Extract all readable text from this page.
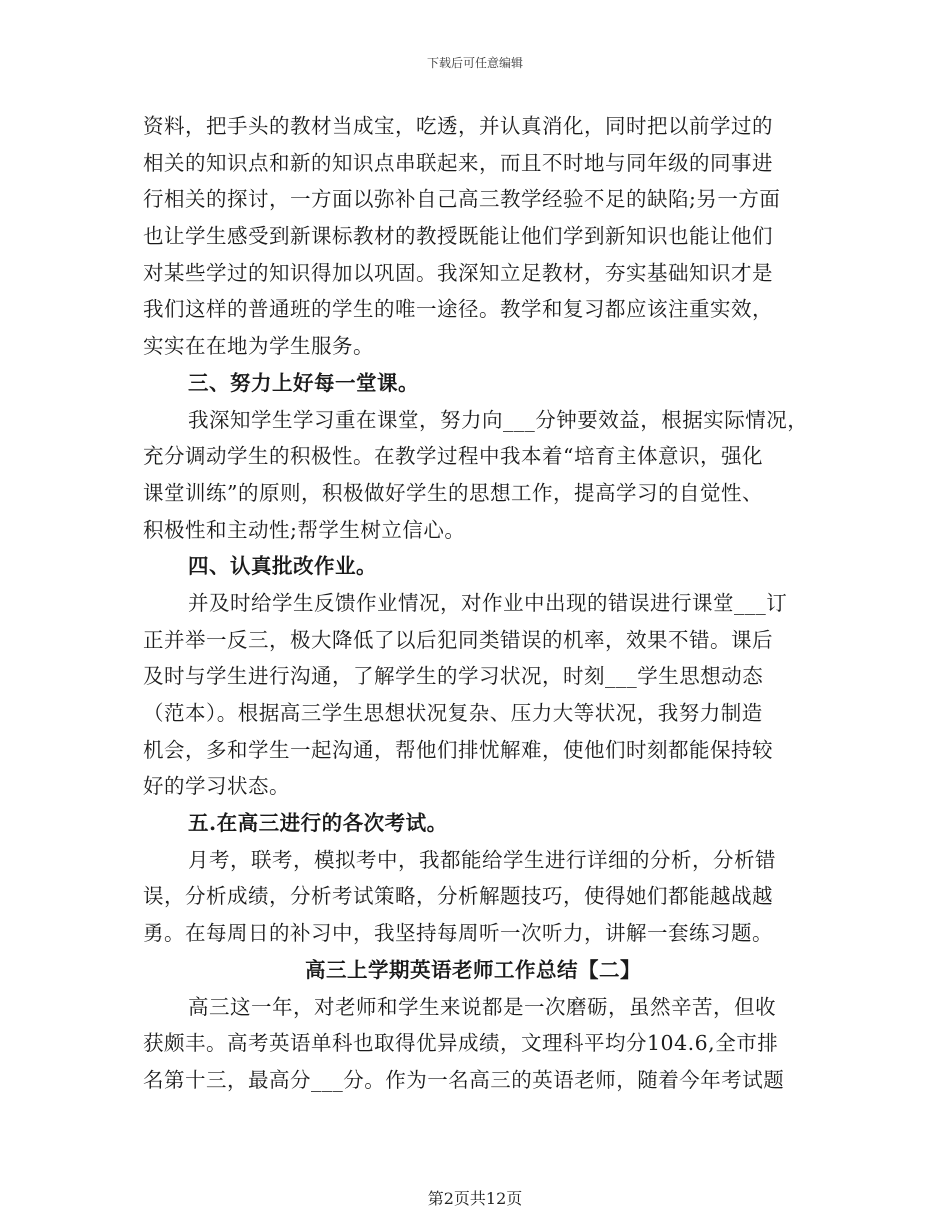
下载后可任意编辑
资料，把手头的教材当成宝，吃透，并认真消化，同时把以前学过的
相关的知识点和新的知识点串联起来，而且不时地与同年级的同事进
行相关的探讨，一方面以弥补自己高三教学经验不足的缺陷;另一方面
也让学生感受到新课标教材的教授既能让他们学到新知识也能让他们
对某些学过的知识得加以巩固。我深知立足教材，夯实基础知识才是
我们这样的普通班的学生的唯一途径。教学和复习都应该注重实效，
实实在在地为学生服务。
三、努力上好每一堂课。
我深知学生学习重在课堂，努力向___分钟要效益，根据实际情况，
充分调动学生的积极性。在教学过程中我本着“培育主体意识，强化
课堂训练”的原则，积极做好学生的思想工作，提高学习的自觉性、
积极性和主动性;帮学生树立信心。
四、认真批改作业。
并及时给学生反馈作业情况，对作业中出现的错误进行课堂___订
正并举一反三，极大降低了以后犯同类错误的机率，效果不错。课后
及时与学生进行沟通，了解学生的学习状况，时刻___学生思想动态
（范本）。根据高三学生思想状况复杂、压力大等状况，我努力制造
机会，多和学生一起沟通，帮他们排忧解难，使他们时刻都能保持较
好的学习状态。
五.在高三进行的各次考试。
月考，联考，模拟考中，我都能给学生进行详细的分析，分析错
误，分析成绩，分析考试策略，分析解题技巧，使得她们都能越战越
勇。在每周日的补习中，我坚持每周听一次听力，讲解一套练习题。
高三上学期英语老师工作总结【二】
高三这一年，对老师和学生来说都是一次磨砺，虽然辛苦，但收
获颇丰。高考英语单科也取得优异成绩，文理科平均分104.6,全市排
名第十三，最高分___分。作为一名高三的英语老师，随着今年考试题
第2页共12页
